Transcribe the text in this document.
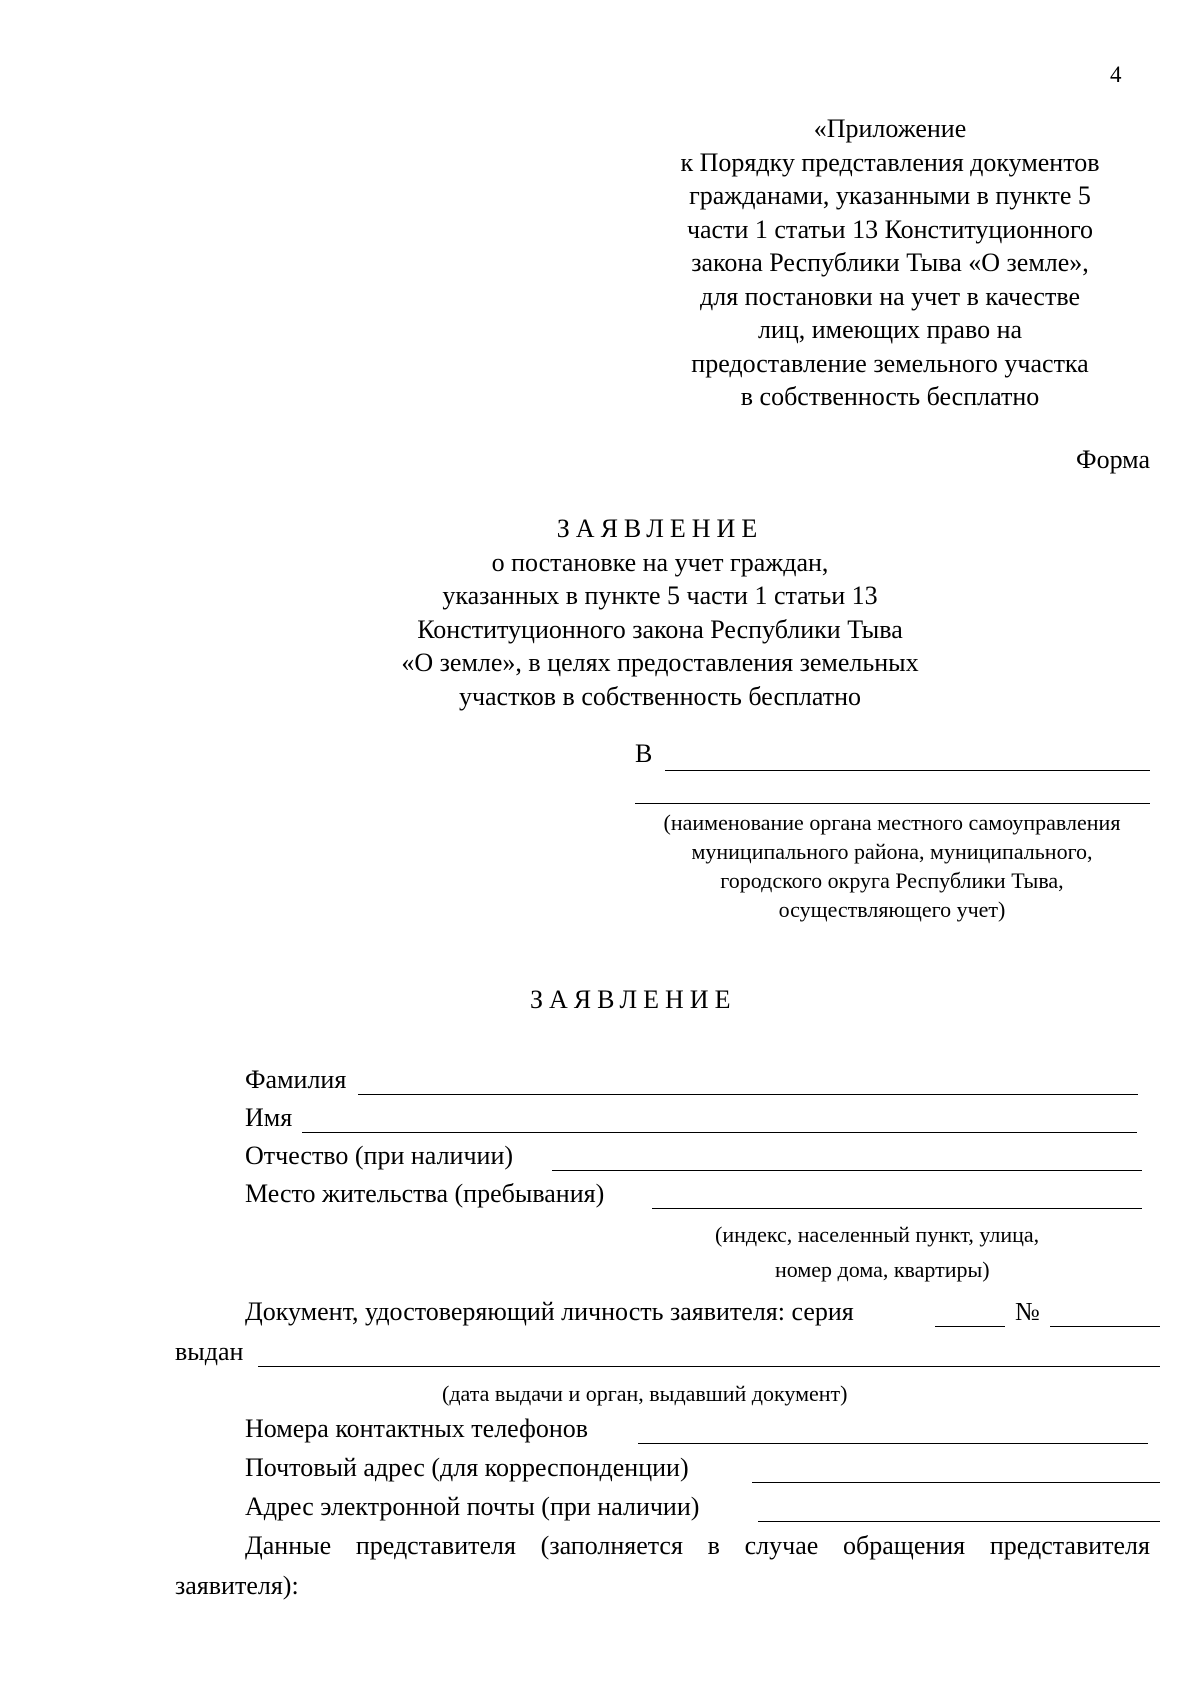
4
«Приложение
к Порядку представления документов
гражданами, указанными в пункте 5
части 1 статьи 13 Конституционного
закона Республики Тыва «О земле»,
для постановки на учет в качестве
лиц, имеющих право на
предоставление земельного участка
в собственность бесплатно
Форма
ЗАЯВЛЕНИЕ
о постановке на учет граждан,
указанных в пункте 5 части 1 статьи 13
Конституционного закона Республики Тыва
«О земле», в целях предоставления земельных
участков в собственность бесплатно
В
(наименование органа местного самоуправления
муниципального района, муниципального,
городского округа Республики Тыва,
осуществляющего учет)
ЗАЯВЛЕНИЕ
Фамилия
Имя
Отчество (при наличии)
Место жительства (пребывания)
(индекс, населенный пункт, улица,
номер дома, квартиры)
Документ, удостоверяющий личность заявителя: серия	№
выдан
(дата выдачи и орган, выдавший документ)
Номера контактных телефонов
Почтовый адрес (для корреспонденции)
Адрес электронной почты (при наличии)
Данные представителя (заполняется в случае обращения представителя заявителя):
